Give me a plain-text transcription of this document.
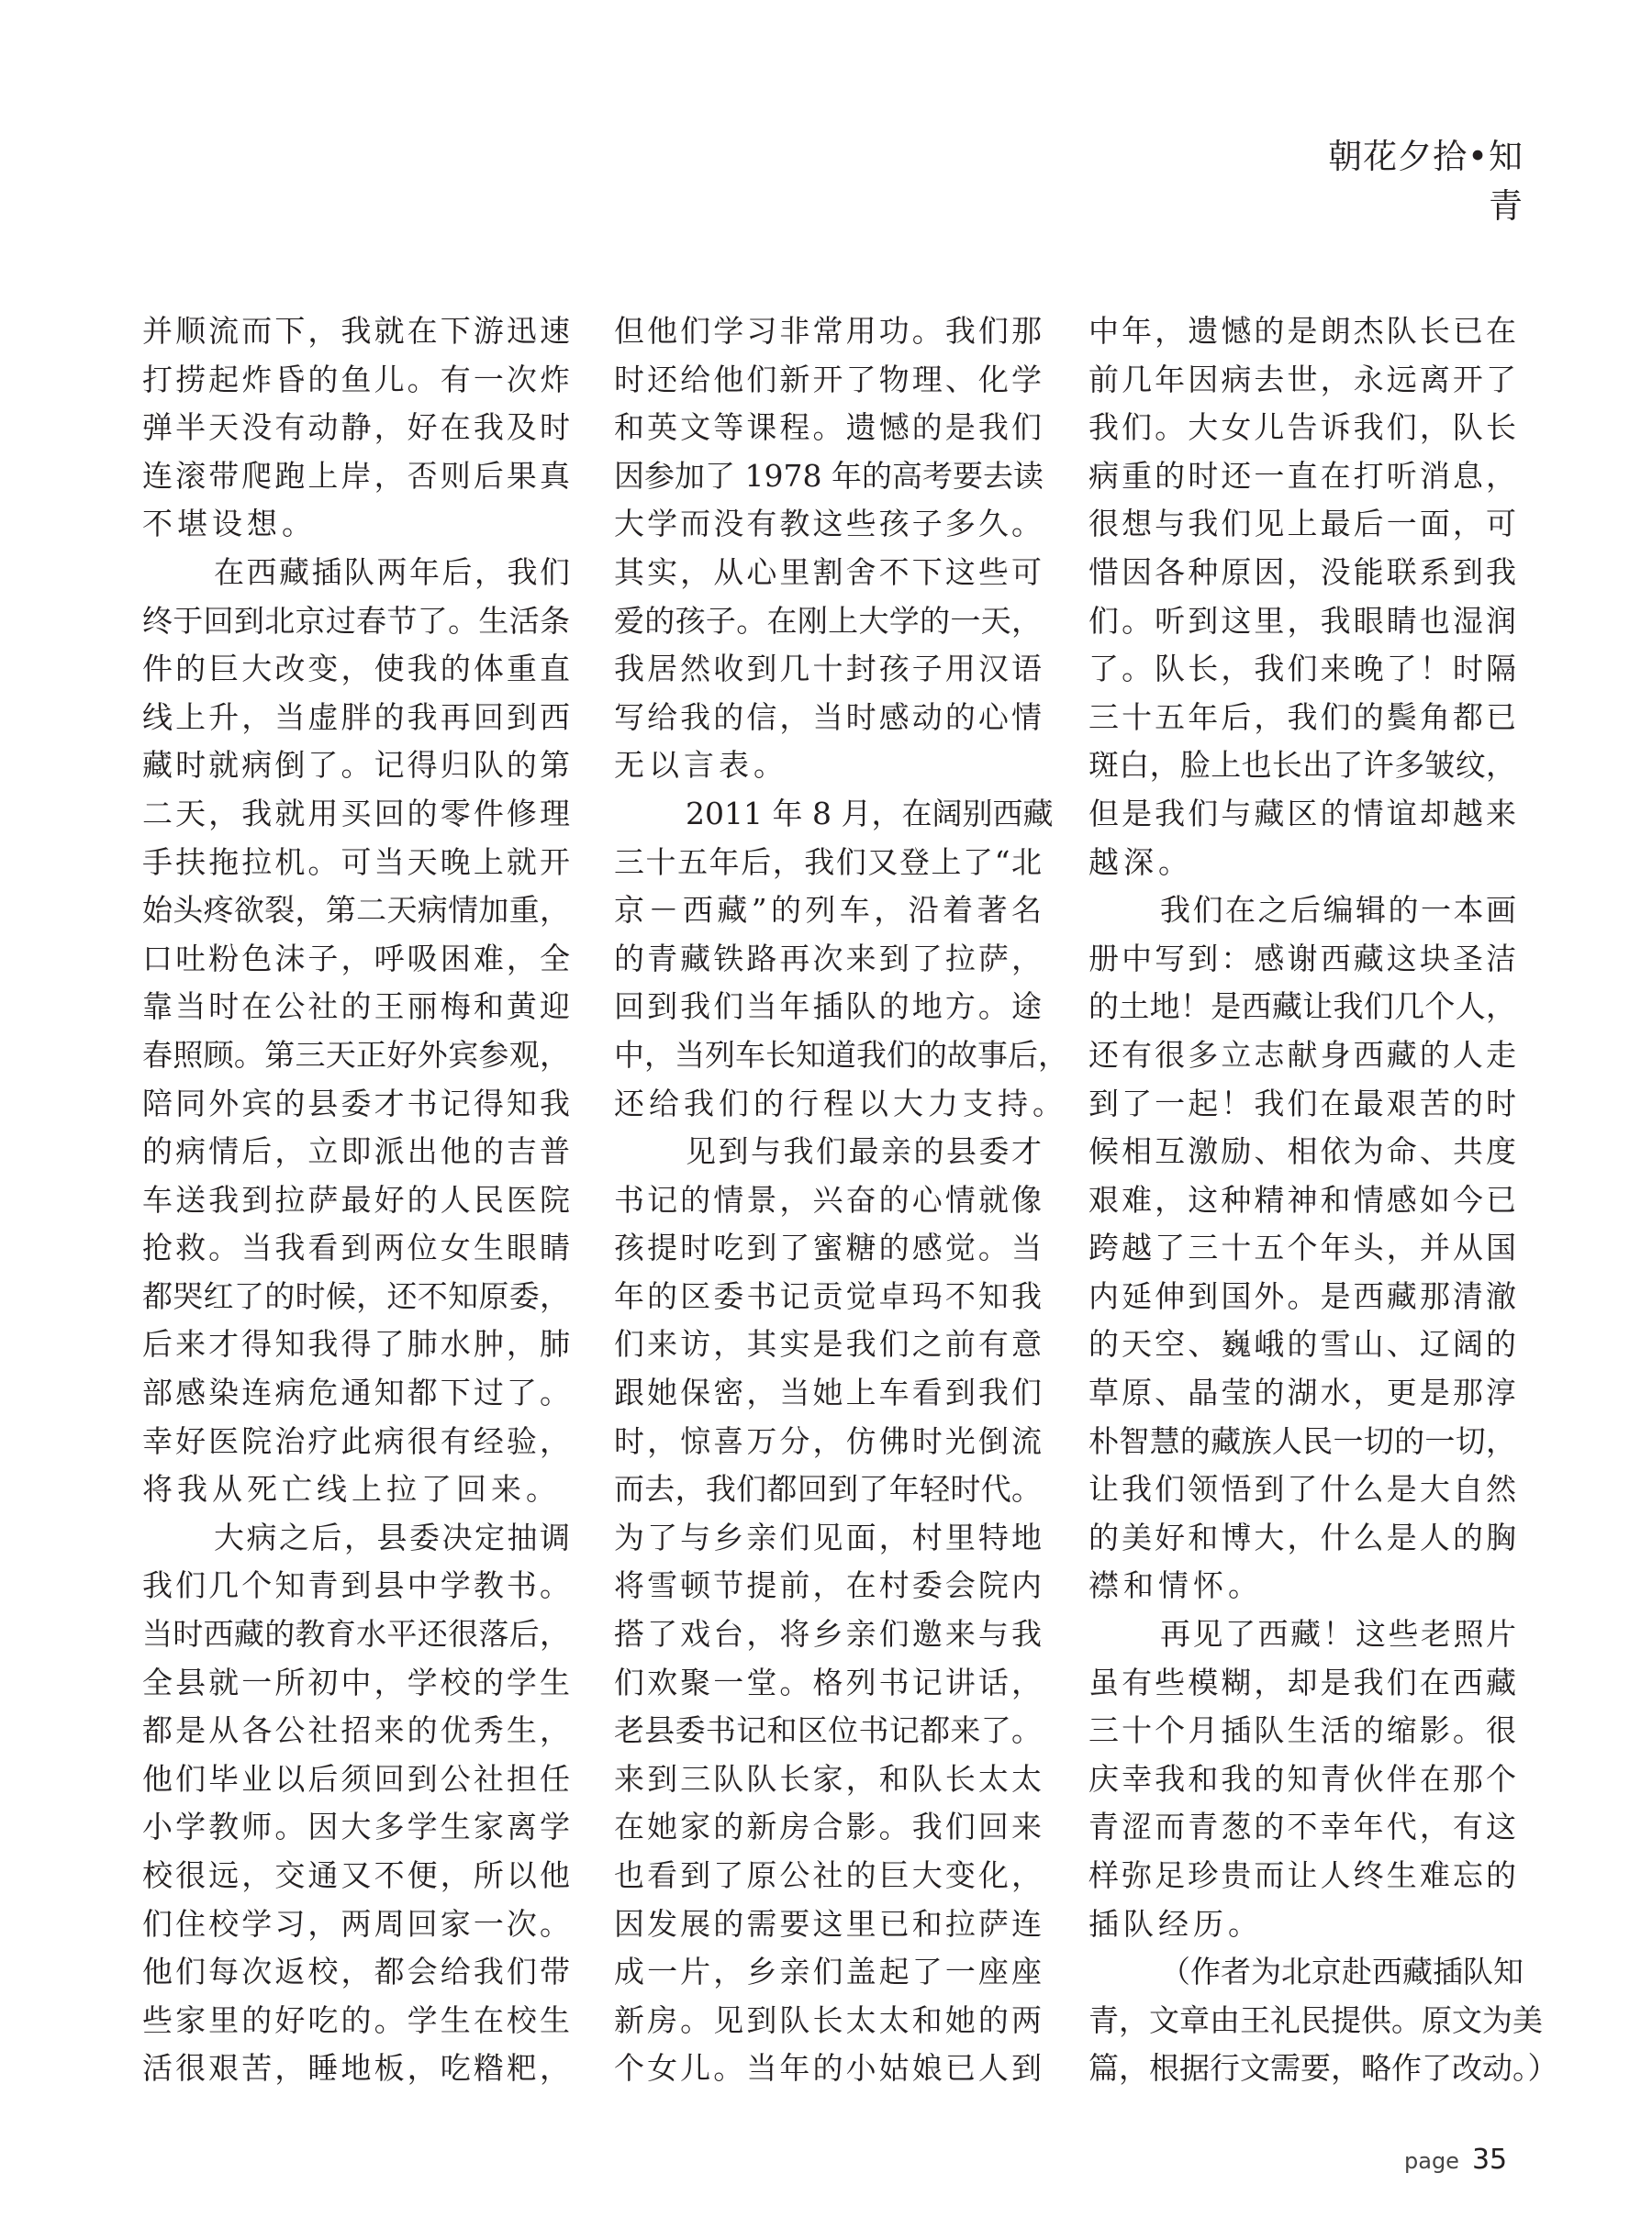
朝花夕拾•知青
并顺流而下，我就在下游迅速
打捞起炸昏的鱼儿。有一次炸
弹半天没有动静，好在我及时
连滚带爬跑上岸，否则后果真
不堪设想。
在西藏插队两年后，我们
终于回到北京过春节了。生活条
件的巨大改变，使我的体重直
线上升，当虚胖的我再回到西
藏时就病倒了。记得归队的第
二天，我就用买回的零件修理
手扶拖拉机。可当天晚上就开
始头疼欲裂，第二天病情加重，
口吐粉色沫子，呼吸困难，全
靠当时在公社的王丽梅和黄迎
春照顾。第三天正好外宾参观，
陪同外宾的县委才书记得知我
的病情后，立即派出他的吉普
车送我到拉萨最好的人民医院
抢救。当我看到两位女生眼睛
都哭红了的时候，还不知原委，
后来才得知我得了肺水肿，肺
部感染连病危通知都下过了。
幸好医院治疗此病很有经验，
将我从死亡线上拉了回来。
大病之后，县委决定抽调
我们几个知青到县中学教书。
当时西藏的教育水平还很落后，
全县就一所初中，学校的学生
都是从各公社招来的优秀生，
他们毕业以后须回到公社担任
小学教师。因大多学生家离学
校很远，交通又不便，所以他
们住校学习，两周回家一次。
他们每次返校，都会给我们带
些家里的好吃的。学生在校生
活很艰苦，睡地板，吃糌粑，
但他们学习非常用功。我们那
时还给他们新开了物理、化学
和英文等课程。遗憾的是我们
因参加了 1978 年的高考要去读
大学而没有教这些孩子多久。
其实，从心里割舍不下这些可
爱的孩子。在刚上大学的一天，
我居然收到几十封孩子用汉语
写给我的信，当时感动的心情
无以言表。
2011 年 8 月，在阔别西藏
三十五年后，我们又登上了“北
京－西藏”的列车，沿着著名
的青藏铁路再次来到了拉萨，
回到我们当年插队的地方。途
中，当列车长知道我们的故事后，
还给我们的行程以大力支持。
见到与我们最亲的县委才
书记的情景，兴奋的心情就像
孩提时吃到了蜜糖的感觉。当
年的区委书记贡觉卓玛不知我
们来访，其实是我们之前有意
跟她保密，当她上车看到我们
时，惊喜万分，仿佛时光倒流
而去，我们都回到了年轻时代。
为了与乡亲们见面，村里特地
将雪顿节提前，在村委会院内
搭了戏台，将乡亲们邀来与我
们欢聚一堂。格列书记讲话，
老县委书记和区位书记都来了。
来到三队队长家，和队长太太
在她家的新房合影。我们回来
也看到了原公社的巨大变化，
因发展的需要这里已和拉萨连
成一片，乡亲们盖起了一座座
新房。见到队长太太和她的两
个女儿。当年的小姑娘已人到
中年，遗憾的是朗杰队长已在
前几年因病去世，永远离开了
我们。大女儿告诉我们，队长
病重的时还一直在打听消息，
很想与我们见上最后一面，可
惜因各种原因，没能联系到我
们。听到这里，我眼睛也湿润
了。队长，我们来晚了！时隔
三十五年后，我们的鬓角都已
斑白，脸上也长出了许多皱纹，
但是我们与藏区的情谊却越来
越深。
我们在之后编辑的一本画
册中写到：感谢西藏这块圣洁
的土地！是西藏让我们几个人，
还有很多立志献身西藏的人走
到了一起！我们在最艰苦的时
候相互激励、相依为命、共度
艰难，这种精神和情感如今已
跨越了三十五个年头，并从国
内延伸到国外。是西藏那清澈
的天空、巍峨的雪山、辽阔的
草原、晶莹的湖水，更是那淳
朴智慧的藏族人民一切的一切，
让我们领悟到了什么是大自然
的美好和博大，什么是人的胸
襟和情怀。
再见了西藏！这些老照片
虽有些模糊，却是我们在西藏
三十个月插队生活的缩影。很
庆幸我和我的知青伙伴在那个
青涩而青葱的不幸年代，有这
样弥足珍贵而让人终生难忘的
插队经历。
（作者为北京赴西藏插队知
青，文章由王礼民提供。原文为美
篇，根据行文需要，略作了改动。）
page 35
